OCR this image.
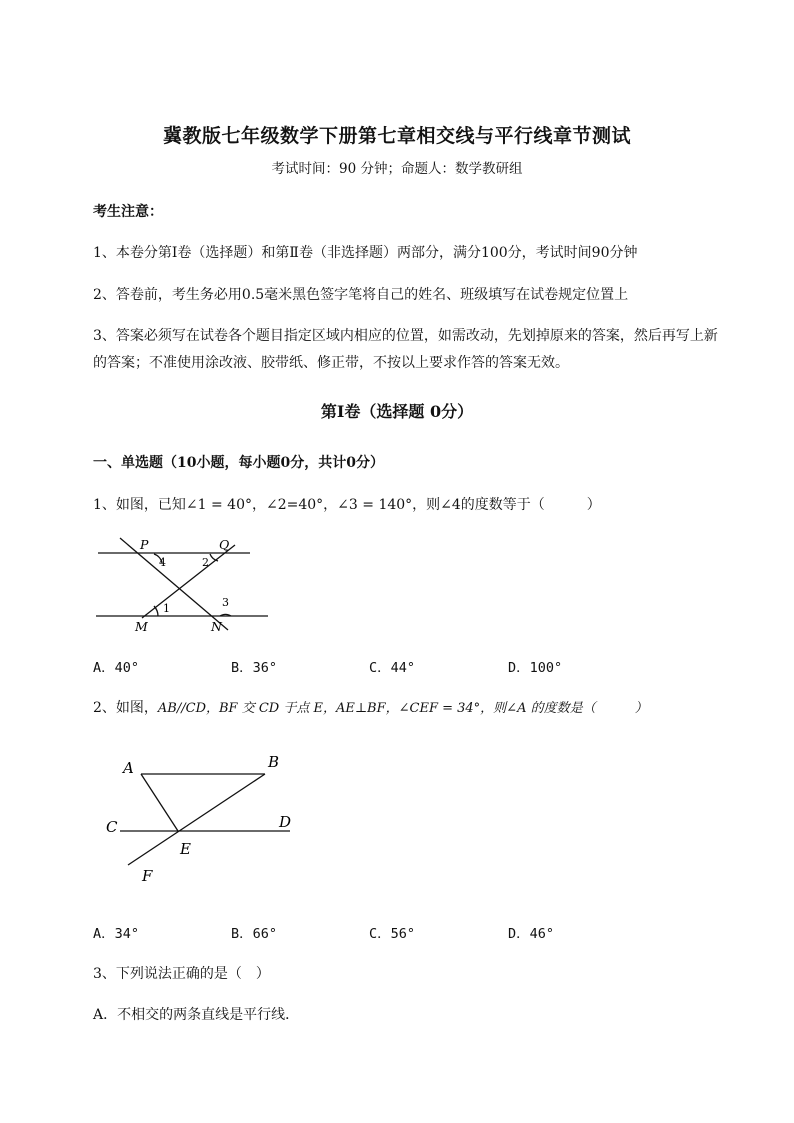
冀教版七年级数学下册第七章相交线与平行线章节测试
考试时间：90 分钟；命题人：数学教研组
考生注意：
1、本卷分第Ⅰ卷（选择题）和第Ⅱ卷（非选择题）两部分，满分100分，考试时间90分钟
2、答卷前，考生务必用0.5毫米黑色签字笔将自己的姓名、班级填写在试卷规定位置上
3、答案必须写在试卷各个题目指定区域内相应的位置，如需改动，先划掉原来的答案，然后再写上新
的答案；不准使用涂改液、胶带纸、修正带，不按以上要求作答的答案无效。
第Ⅰ卷（选择题 0分）
一、单选题（10小题，每小题0分，共计0分）
1、如图，已知∠1 = 40°，∠2=40°，∠3 = 140°，则∠4的度数等于（　　　）
P	Q
M	N
4	2
1	3
A．40°	B．36°	C．44°	D．100°
2、如图，AB//CD，BF 交 CD 于点 E，AE⊥BF，∠CEF = 34°，则∠A 的度数是（　　　）
A	B
C	D
E
F
A．34°	B．66°	C．56°	D．46°
3、下列说法正确的是（　）
A．不相交的两条直线是平行线．
